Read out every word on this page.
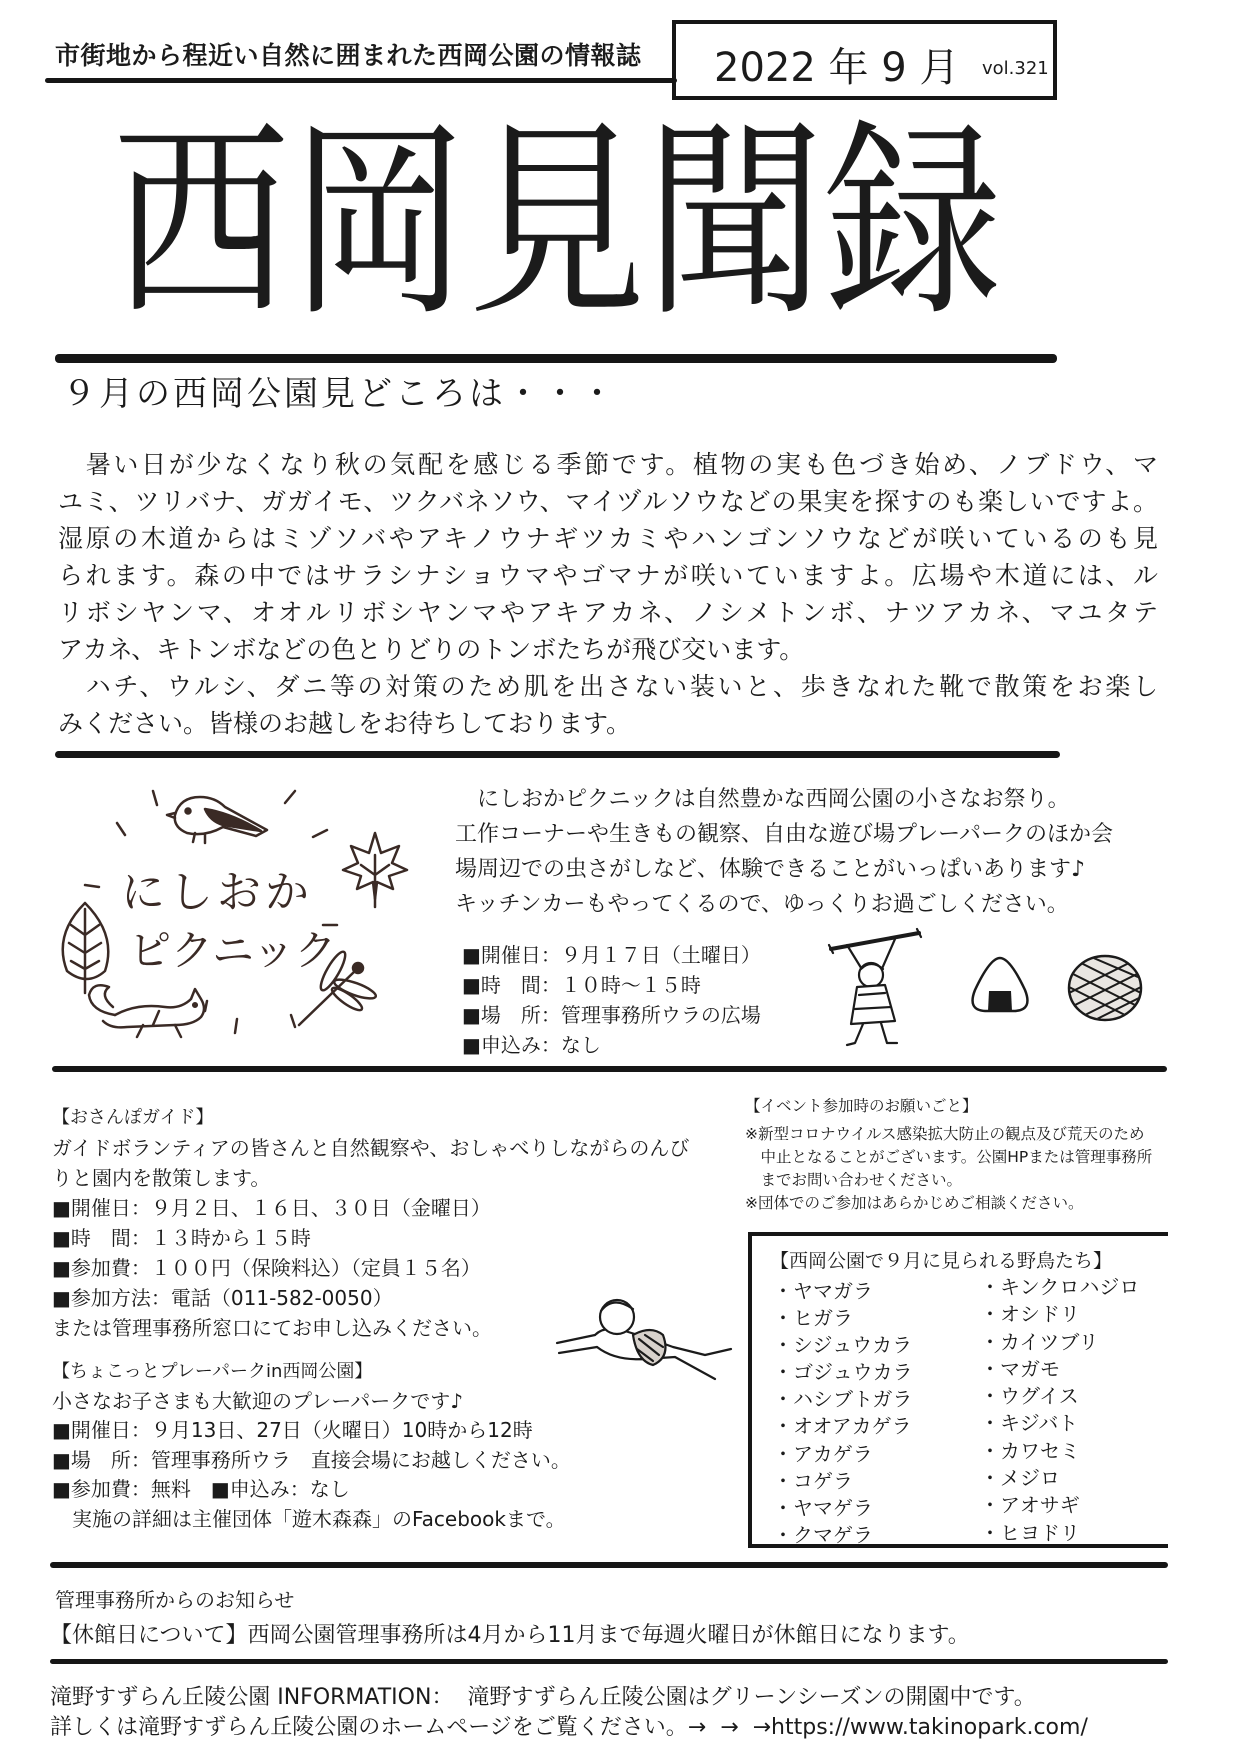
市街地から程近い自然に囲まれた西岡公園の情報誌 2022 年 9 月 vol.321
西岡見聞録
９月の西岡公園見どころは・・・
　暑い日が少なくなり秋の気配を感じる季節です。植物の実も色づき始め、ノブドウ、マ
ユミ、ツリバナ、ガガイモ、ツクバネソウ、マイヅルソウなどの果実を探すのも楽しいですよ。
湿原の木道からはミゾソバやアキノウナギツカミやハンゴンソウなどが咲いているのも見
られます。森の中ではサラシナショウマやゴマナが咲いていますよ。広場や木道には、ル
リボシヤンマ、オオルリボシヤンマやアキアカネ、ノシメトンボ、ナツアカネ、マユタテ
アカネ、キトンボなどの色とりどりのトンボたちが飛び交います。
　ハチ、ウルシ、ダニ等の対策のため肌を出さない装いと、歩きなれた靴で散策をお楽し
みください。皆様のお越しをお待ちしております。
にしおか
ピクニック
　にしおかピクニックは自然豊かな西岡公園の小さなお祭り。
工作コーナーや生きもの観察、自由な遊び場プレーパークのほか会
場周辺での虫さがしなど、体験できることがいっぱいあります♪
キッチンカーもやってくるので、ゆっくりお過ごしください。
■開催日：９月１７日（土曜日）
■時　間：１０時～１５時
■場　所：管理事務所ウラの広場
■申込み：なし
【おさんぽガイド】
ガイドボランティアの皆さんと自然観察や、おしゃべりしながらのんび
りと園内を散策します。
■開催日：９月２日、１６日、３０日（金曜日）
■時　間：１３時から１５時
■参加費：１００円（保険料込）（定員１５名）
■参加方法：電話（011-582-0050）
または管理事務所窓口にてお申し込みください。
【ちょこっとプレーパークin西岡公園】
小さなお子さまも大歓迎のプレーパークです♪
■開催日：９月13日、27日（火曜日）10時から12時
■場　所：管理事務所ウラ　直接会場にお越しください。
■参加費：無料　■申込み：なし
　実施の詳細は主催団体「遊木森森」のFacebookまで。
【イベント参加時のお願いごと】
※新型コロナウイルス感染拡大防止の観点及び荒天のため
　中止となることがございます。公園HPまたは管理事務所
　までお問い合わせください。
※団体でのご参加はあらかじめご相談ください。
【西岡公園で９月に見られる野鳥たち】
・ヤマガラ
・ヒガラ
・シジュウカラ
・ゴジュウカラ
・ハシブトガラ
・オオアカゲラ
・アカゲラ
・コゲラ
・ヤマゲラ
・クマゲラ
・キンクロハジロ
・オシドリ
・カイツブリ
・マガモ
・ウグイス
・キジバト
・カワセミ
・メジロ
・アオサギ
・ヒヨドリ
管理事務所からのお知らせ
【休館日について】西岡公園管理事務所は4月から11月まで毎週火曜日が休館日になります。
滝野すずらん丘陵公園 INFORMATION：  滝野すずらん丘陵公園はグリーンシーズンの開園中です。
詳しくは滝野すずらん丘陵公園のホームページをご覧ください。→  →  →https://www.takinopark.com/
